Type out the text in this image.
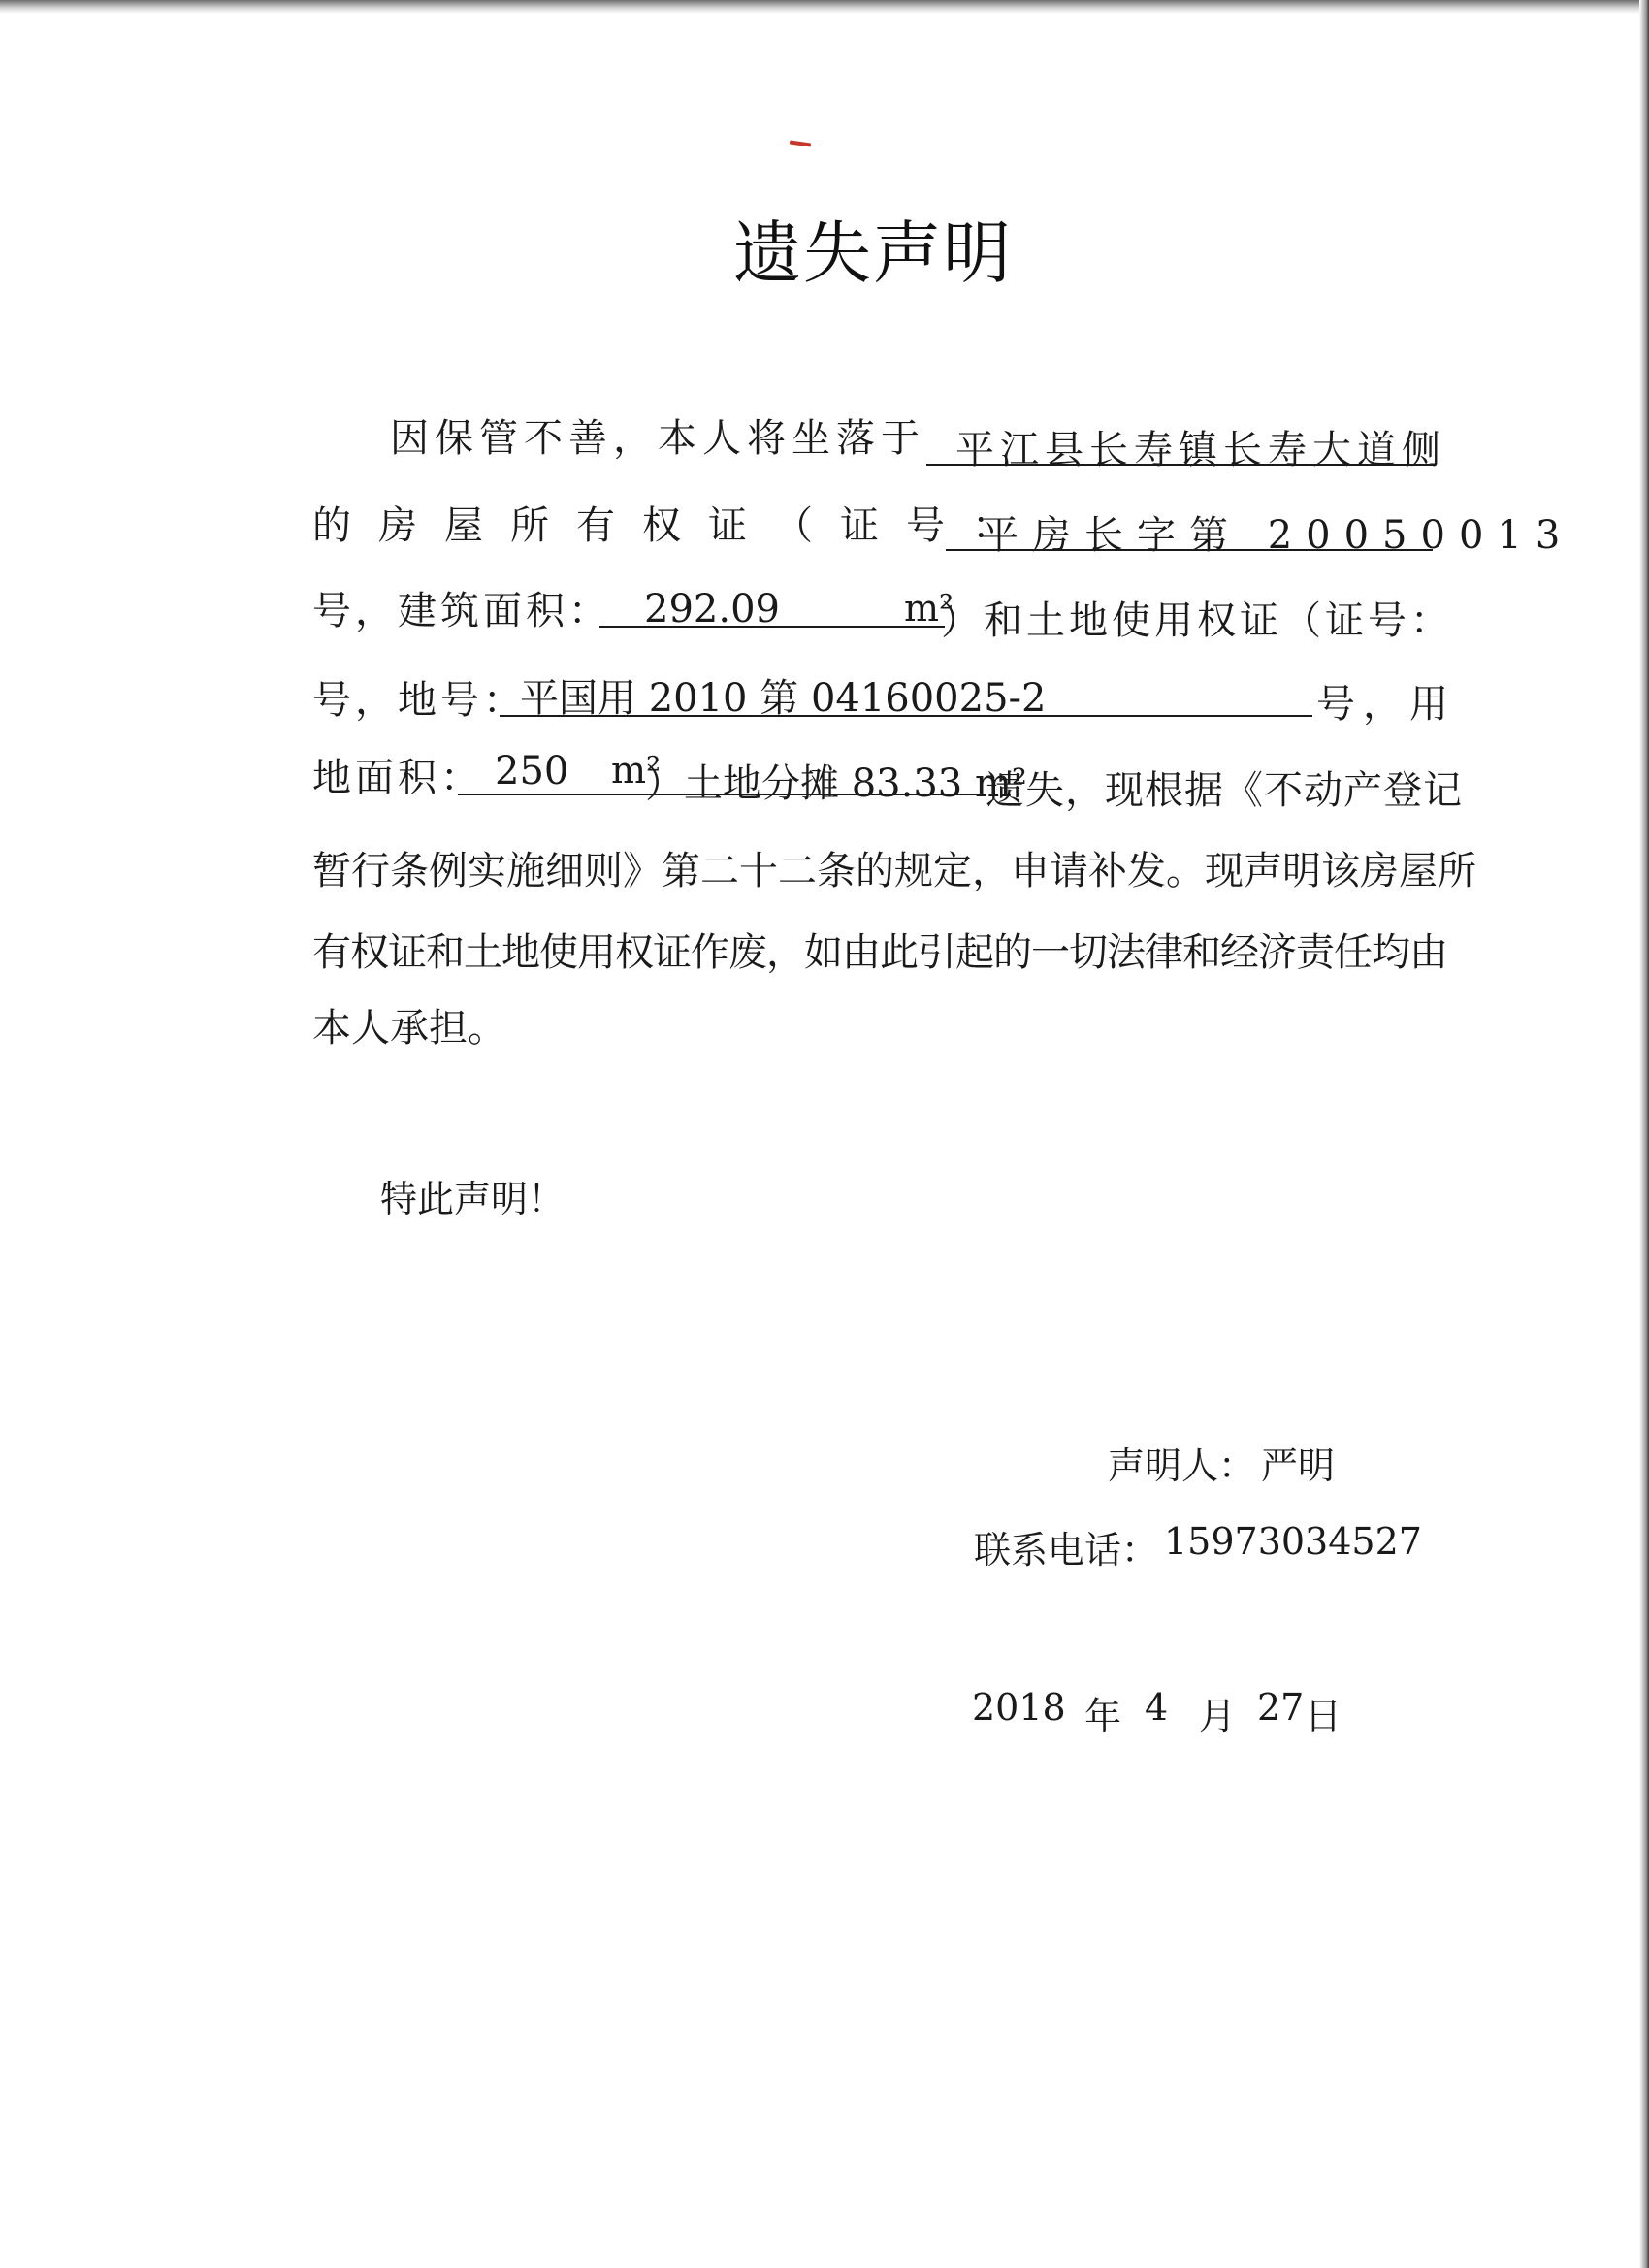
遗失声明
因保管不善，本人将坐落于 平江县长寿镇长寿大道侧
的房屋所有权证（证号：
平房长字第 20050013
号，建筑面积： 292.09	m²
）和土地使用权证（证号：
号，地号：
平国用 2010 第 04160025-2	号，用
地面积： 250 m²
）土地分摊 83.33 m²
遗失，现根据《不动产登记
暂行条例实施细则》第二十二条的规定，申请补发。现声明该房屋所
有权证和土地使用权证作废，如由此引起的一切法律和经济责任均由
本人承担。
特此声明！
声明人： 严明
联系电话： 15973034527
2018 年 4 月 27 日
